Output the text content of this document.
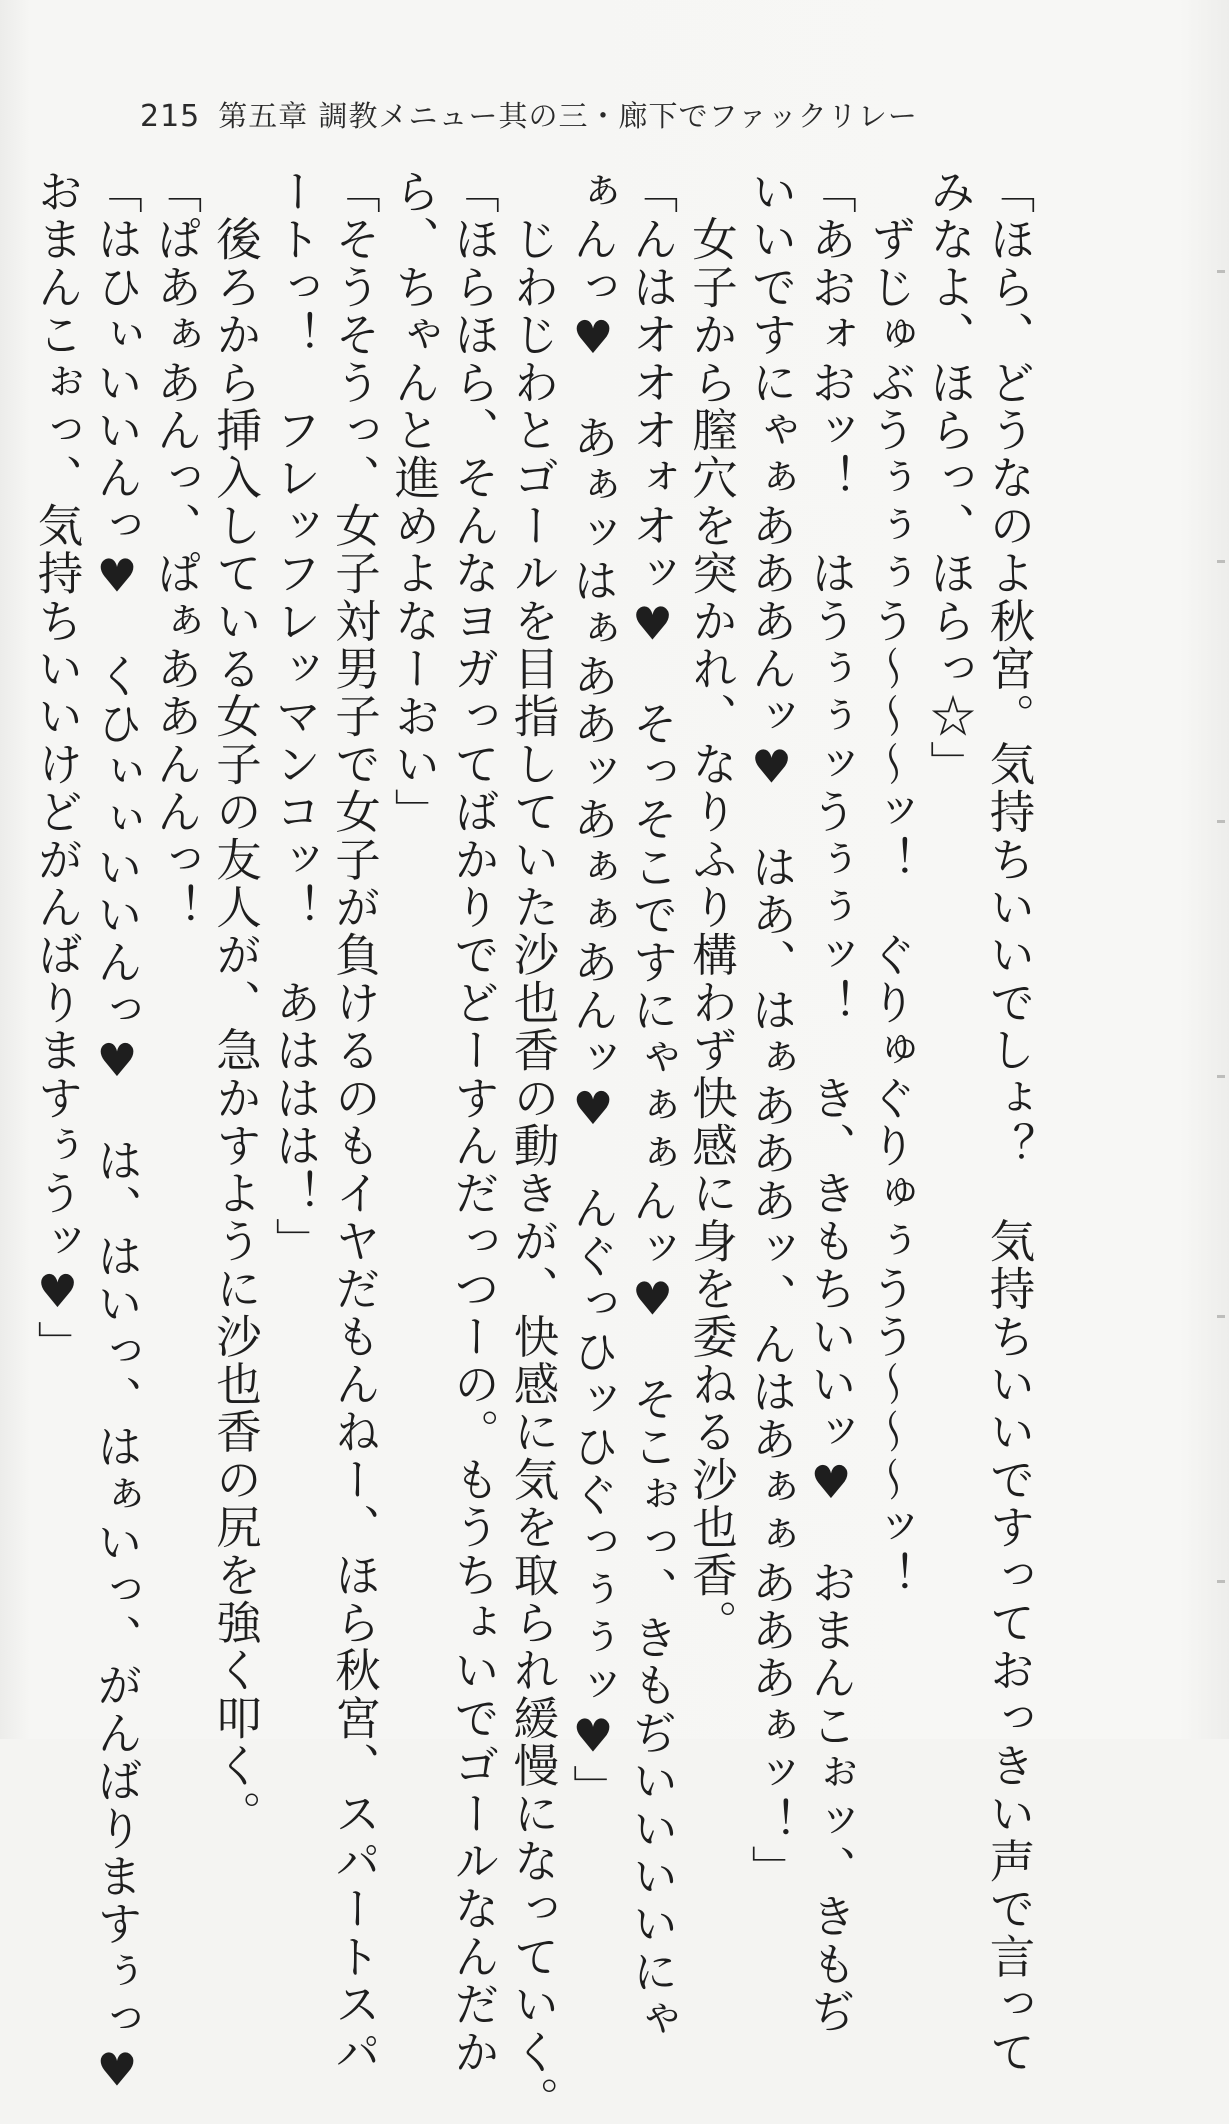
215 第五章 調教メニュー其の三・廊下でファックリレー

「ほら、どうなのよ秋宮。気持ちいいでしょ？　気持ちいいですっておっきい声で言って

みなよ、ほらっ、ほらっ☆」

　ずじゅぶうぅぅぅう〜〜〜ッ！　ぐりゅぐりゅぅうう〜〜〜ッ！

「あおォおッ！　はうぅぅッうぅぅッ！　き、きもちいいッ♥　おまんこぉッ、きもぢ

いいですにゃぁあああんッ♥　はあ、はぁあああッ、んはあぁぁあああぁッ！」

　女子から膣穴を突かれ、なりふり構わず快感に身を委ねる沙也香。

「んはオオオォオッ♥　そっそこですにゃぁぁんッ♥　そこぉっ、きもぢいいいいにゃ

ぁんっ♥　あぁッはぁああッあぁぁあんッ♥　んぐっひッひぐっぅぅッ♥」

　じわじわとゴールを目指していた沙也香の動きが、快感に気を取られ緩慢になっていく。

「ほらほら、そんなヨガってばかりでどーすんだっつーの。もうちょいでゴールなんだか

ら、ちゃんと進めよなーおい」

「そうそうっ、女子対男子で女子が負けるのもイヤだもんねー、ほら秋宮、スパートスパ

ートっ！　フレッフレッマンコッ！　あははは！」

　後ろから挿入している女子の友人が、急かすように沙也香の尻を強く叩く。

「ぱあぁあんっ、ぱぁああんんっ！

「はひぃいいんっ♥　くひぃぃいいんっ♥　は、はいっ、はぁいっ、がんばりますぅっ♥

おまんこぉっ、気持ちいいけどがんばりますぅうッ♥」
